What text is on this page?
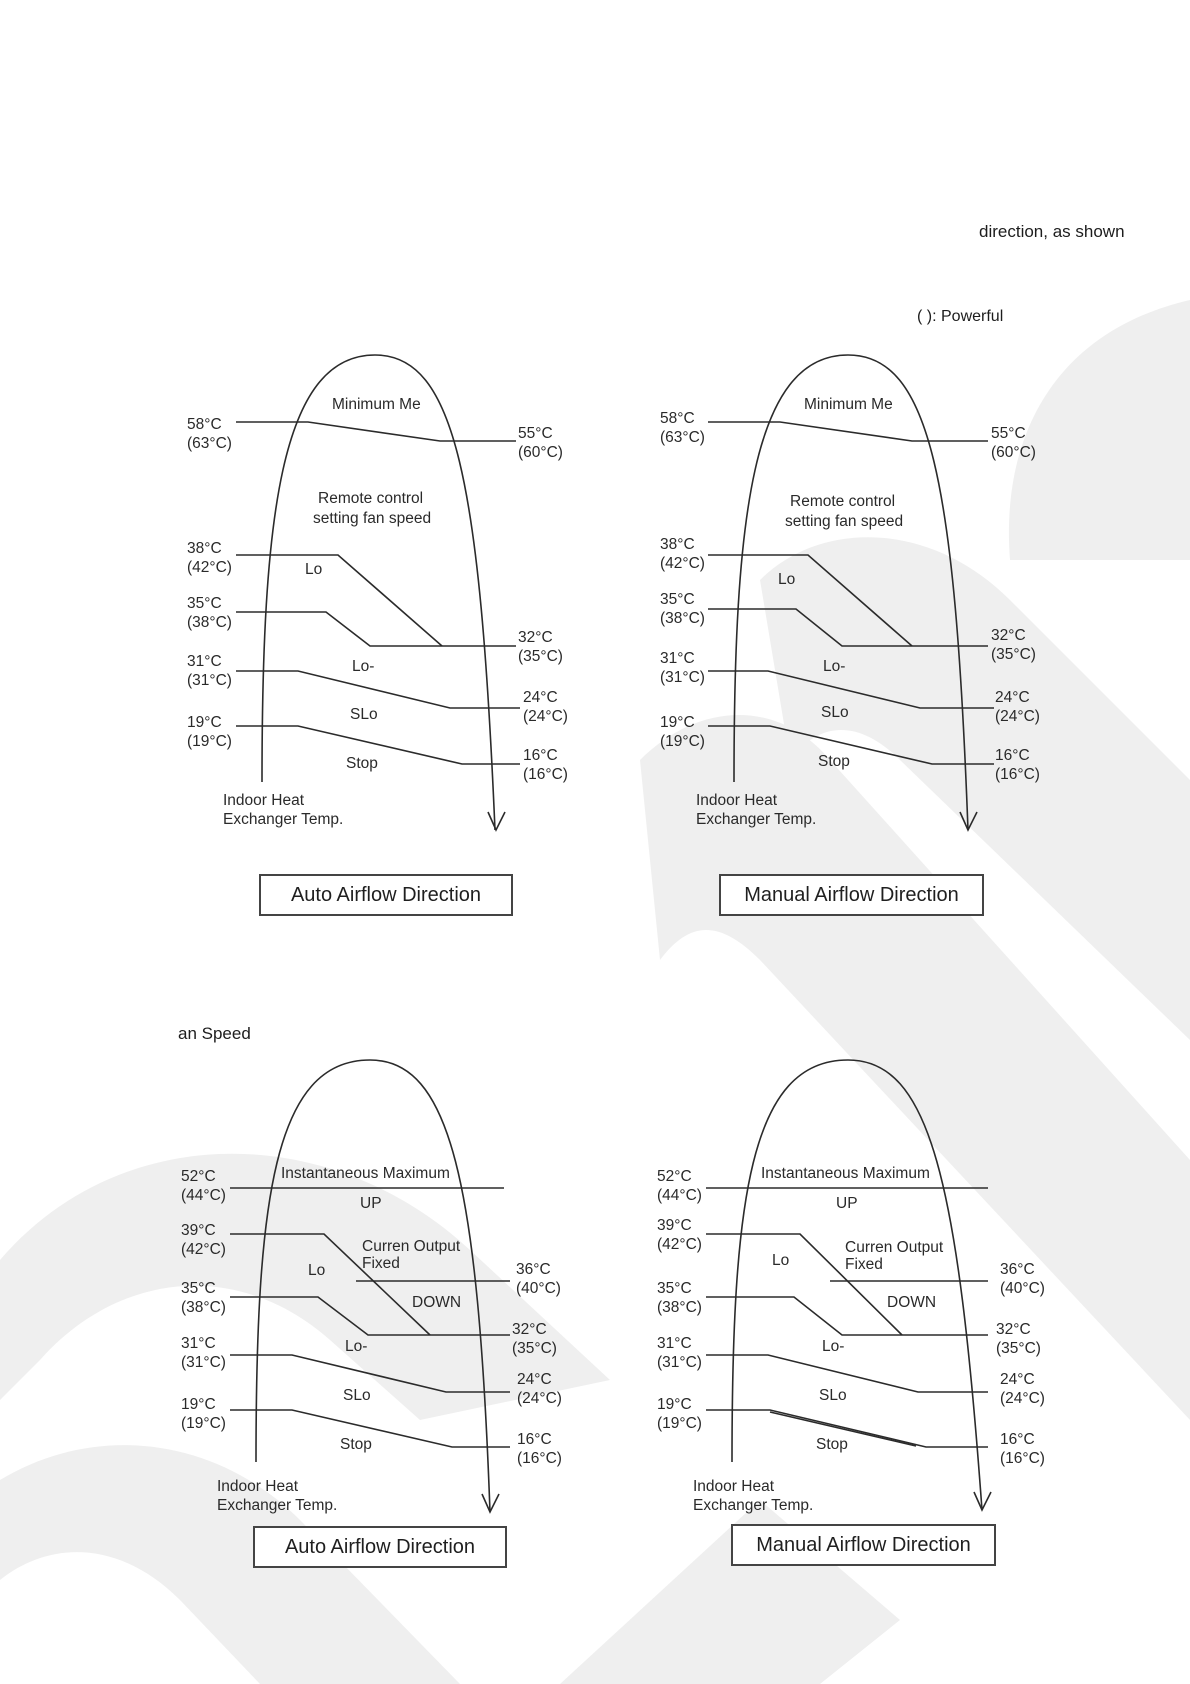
direction, as shown
( ): Powerful
an Speed
58°C
(63°C)
38°C
(42°C)
35°C
(38°C)
31°C
(31°C)
19°C
(19°C)
55°C
(60°C)
32°C
(35°C)
24°C
(24°C)
16°C
(16°C)
Minimum Me
Remote control
setting fan speed
Lo
Lo-
SLo
Stop
Indoor Heat
Exchanger Temp.
Auto Airflow Direction
58°C
(63°C)
38°C
(42°C)
35°C
(38°C)
31°C
(31°C)
19°C
(19°C)
55°C
(60°C)
32°C
(35°C)
24°C
(24°C)
16°C
(16°C)
Minimum Me
Remote control
setting fan speed
Lo
Lo-
SLo
Stop
Indoor Heat
Exchanger Temp.
Manual Airflow Direction
52°C
(44°C)
39°C
(42°C)
35°C
(38°C)
31°C
(31°C)
19°C
(19°C)
36°C
(40°C)
32°C
(35°C)
24°C
(24°C)
16°C
(16°C)
Instantaneous Maximum
UP
Curren Output
Fixed
Lo
DOWN
Lo-
SLo
Stop
Indoor Heat
Exchanger Temp.
Auto Airflow Direction
52°C
(44°C)
39°C
(42°C)
35°C
(38°C)
31°C
(31°C)
19°C
(19°C)
36°C
(40°C)
32°C
(35°C)
24°C
(24°C)
16°C
(16°C)
Instantaneous Maximum
UP
Curren Output
Fixed
Lo
DOWN
Lo-
SLo
Stop
Indoor Heat
Exchanger Temp.
Manual Airflow Direction
